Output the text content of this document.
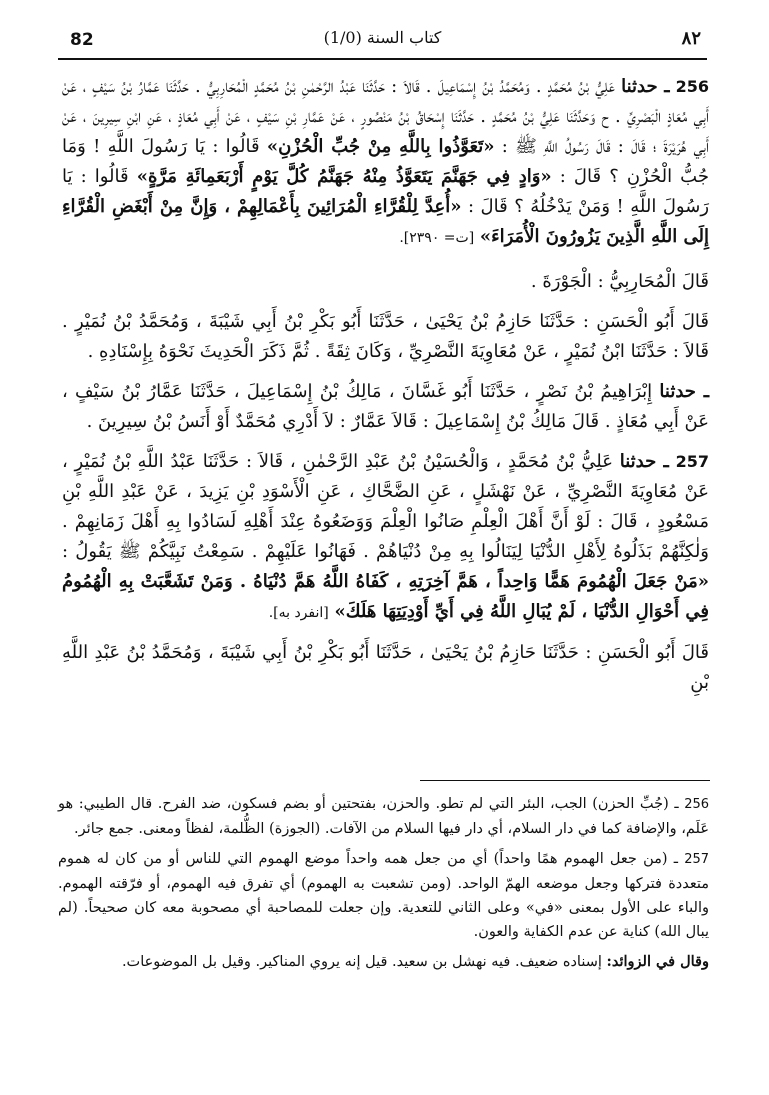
82	(1/0) كتاب السنة	٨٢

256 ـ حدثنا عَلِيُّ بْنُ مُحَمَّدٍ . وَمُحَمَّدُ بْنُ إِسْمَاعِيلَ . قَالاَ : حَدَّثَنَا عَبْدُ الرَّحْمٰنِ بْنُ مُحَمَّدٍ الْمُحَارِبِيُّ . حَدَّثَنَا عَمَّارُ بْنُ سَيْفٍ ، عَنْ أَبِي مُعَاذٍ الْبَصْرِيِّ . ح وَحَدَّثَنَا عَلِيُّ بْنُ مُحَمَّدٍ . حَدَّثَنَا إِسْحَاقُ بْنُ مَنْصُورٍ ، عَنْ عَمَّارِ بْنِ سَيْفٍ ، عَنْ أَبِي مُعَاذٍ ، عَنِ ابْنِ سِيرِينَ ، عَنْ أَبِي هُرَيْرَةَ ؛ قَالَ : قَالَ رَسُولُ اللَّهِ ﷺ : «تَعَوَّذُوا بِاللَّهِ مِنْ جُبِّ الْحُزْنِ» قَالُوا : يَا رَسُولَ اللَّهِ ! وَمَا جُبُّ الْحُزْنِ ؟ قَالَ : «وَادٍ فِي جَهَنَّمَ يَتَعَوَّذُ مِنْهُ جَهَنَّمُ كُلَّ يَوْمٍ أَرْبَعَمِائَةِ مَرَّةٍ» قَالُوا : يَا رَسُولَ اللَّهِ ! وَمَنْ يَدْخُلُهُ ؟ قَالَ : «أُعِدَّ لِلْقُرَّاءِ الْمُرَائِينَ بِأَعْمَالِهِمْ ، وَإِنَّ مِنْ أَبْغَضِ الْقُرَّاءِ إِلَى اللَّهِ الَّذِينَ يَزُورُونَ الْأُمَرَاءَ» [ت= ٢٣٩٠].

قَالَ الْمُحَارِبِيُّ : الْجَوْرَةَ .

قَالَ أَبُو الْحَسَنِ : حَدَّثَنَا حَازِمُ بْنُ يَحْيَىٰ ، حَدَّثَنَا أَبُو بَكْرِ بْنُ أَبِي شَيْبَةَ ، وَمُحَمَّدُ بْنُ نُمَيْرٍ . قَالاَ : حَدَّثَنَا ابْنُ نُمَيْرٍ ، عَنْ مُعَاوِيَةَ النَّصْرِيِّ ، وَكَانَ ثِقَةً . ثُمَّ ذَكَرَ الْحَدِيثَ نَحْوَهُ بِإِسْنَادِهِ .

ـ حدثنا إِبْرَاهِيمُ بْنُ نَصْرٍ ، حَدَّثَنَا أَبُو غَسَّانَ ، مَالِكُ بْنُ إِسْمَاعِيلَ ، حَدَّثَنَا عَمَّارُ بْنُ سَيْفٍ ، عَنْ أَبِي مُعَاذٍ . قَالَ مَالِكُ بْنُ إِسْمَاعِيلَ : قَالاَ عَمَّارٌ : لاَ أَدْرِي مُحَمَّدٌ أَوْ أَنَسُ بْنُ سِيرِينَ .

257 ـ حدثنا عَلِيُّ بْنُ مُحَمَّدٍ ، وَالْحُسَيْنُ بْنُ عَبْدِ الرَّحْمٰنِ ، قَالاَ : حَدَّثَنَا عَبْدُ اللَّهِ بْنُ نُمَيْرٍ ، عَنْ مُعَاوِيَةَ النَّصْرِيِّ ، عَنْ نَهْشَلٍ ، عَنِ الضَّحَّاكِ ، عَنِ الْأَسْوَدِ بْنِ يَزِيدَ ، عَنْ عَبْدِ اللَّهِ بْنِ مَسْعُودٍ ، قَالَ : لَوْ أَنَّ أَهْلَ الْعِلْمِ صَانُوا الْعِلْمَ وَوَضَعُوهُ عِنْدَ أَهْلِهِ لَسَادُوا بِهِ أَهْلَ زَمَانِهِمْ . وَلٰكِنَّهُمْ بَذَلُوهُ لِأَهْلِ الدُّنْيَا لِيَنَالُوا بِهِ مِنْ دُنْيَاهُمْ . فَهَانُوا عَلَيْهِمْ . سَمِعْتُ نَبِيَّكُمْ ﷺ يَقُولُ : «مَنْ جَعَلَ الْهُمُومَ هَمًّا وَاحِداً ، هَمَّ آخِرَتِهِ ، كَفَاهُ اللَّهُ هَمَّ دُنْيَاهُ . وَمَنْ تَشَعَّبَتْ بِهِ الْهُمُومُ فِي أَحْوَالِ الدُّنْيَا ، لَمْ يُبَالِ اللَّهُ فِي أَيِّ أَوْدِيَتِهَا هَلَكَ» [انفرد به].

قَالَ أَبُو الْحَسَنِ : حَدَّثَنَا حَازِمُ بْنُ يَحْيَىٰ ، حَدَّثَنَا أَبُو بَكْرِ بْنُ أَبِي شَيْبَةَ ، وَمُحَمَّدُ بْنُ عَبْدِ اللَّهِ بْنِ

256 ـ (جُبِّ الحزن) الجب، البئر التي لم تطو. والحزن، بفتحتين أو بضم فسكون، ضد الفرح. قال الطيبي: هو عَلَم، والإضافة كما في دار السلام، أي دار فيها السلام من الآفات. (الجوزة) الظُّلمة، لفظاً ومعنى. جمع جائر.

257 ـ (من جعل الهموم همًا واحداً) أي من جعل همه واحداً موضع الهموم التي للناس أو من كان له هموم متعددة فتركها وجعل موضعه الهمّ الواحد. (ومن تشعبت به الهموم) أي تفرق فيه الهموم، أو فرّقته الهموم. والباء على الأول بمعنى «في» وعلى الثاني للتعدية. وإن جعلت للمصاحبة أي مصحوبة معه كان صحيحاً. (لم يبال الله) كناية عن عدم الكفاية والعون.

وقال في الزوائد: إسناده ضعيف. فيه نهشل بن سعيد. قيل إنه يروي المناكير. وقيل بل الموضوعات.
